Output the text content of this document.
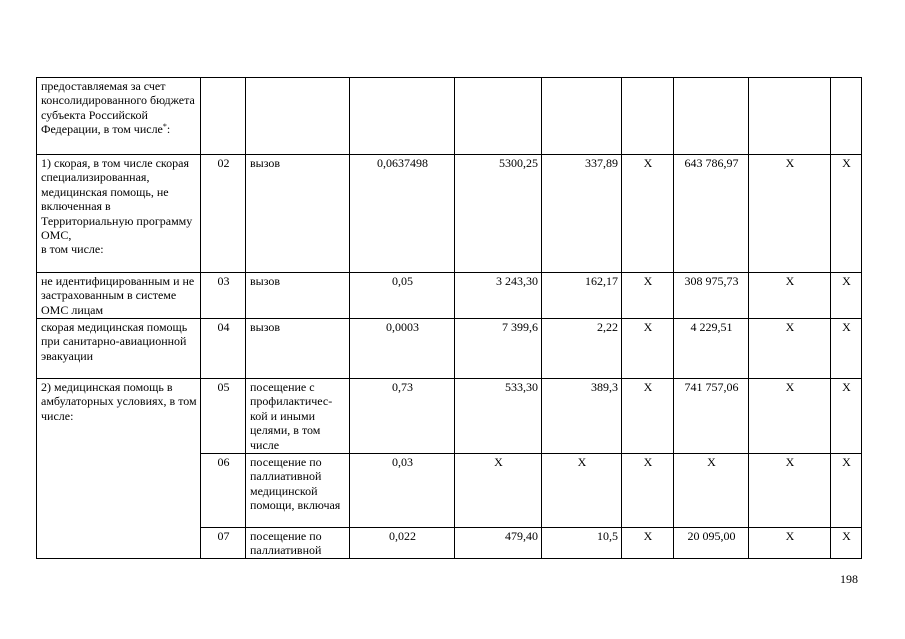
предоставляемая за счет консолидированного бюджета субъекта Российской Федерации, в том числе*:									
1) скорая, в том числе скорая специализированная, медицинская помощь, не включенная в Территориальную программу ОМС,
в том числе:	02	вызов	0,0637498	5300,25	337,89	X	643 786,97	X	X
не идентифицированным и не застрахованным в системе ОМС лицам	03	вызов	0,05	3 243,30	162,17	X	308 975,73	X	X
скорая медицинская помощь при санитарно-авиационной эвакуации	04	вызов	0,0003	7 399,6	2,22	X	4 229,51	X	X
2) медицинская помощь в амбулаторных условиях, в том числе:	05	посещение с профилактичес-кой и иными целями, в том числе	0,73	533,30	389,3	X	741 757,06	X	X
	06	посещение по паллиативной медицинской помощи, включая	0,03	X	X	X	X	X	X
	07	посещение по паллиативной	0,022	479,40	10,5	X	20 095,00	X	X
198
